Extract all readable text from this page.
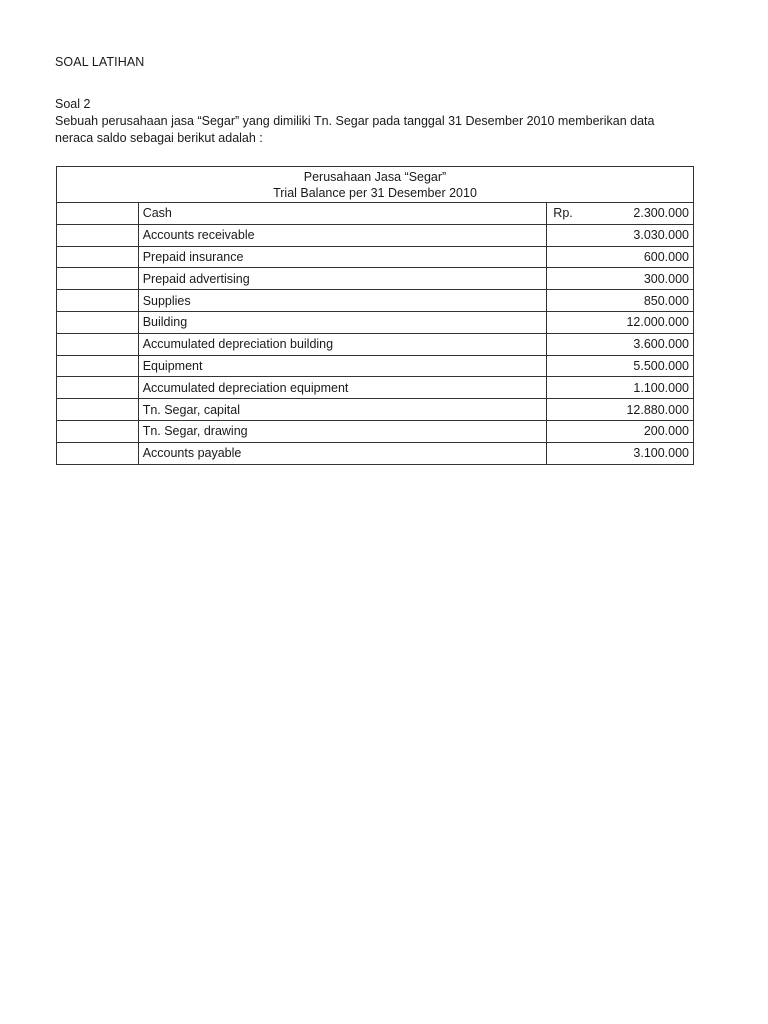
SOAL LATIHAN
Soal 2
Sebuah perusahaan jasa “Segar” yang dimiliki Tn. Segar pada tanggal 31 Desember 2010 memberikan data
neraca saldo sebagai berikut adalah :
Perusahaan Jasa “Segar”
Trial Balance per 31 Desember 2010		

	Cash	Rp. 2.300.000
	Accounts receivable	3.030.000
	Prepaid insurance	600.000
	Prepaid advertising	300.000
	Supplies	850.000
	Building	12.000.000
	Accumulated depreciation building	3.600.000
	Equipment	5.500.000
	Accumulated depreciation equipment	1.100.000
	Tn. Segar, capital	12.880.000
	Tn. Segar, drawing	200.000
	Accounts payable	3.100.000
